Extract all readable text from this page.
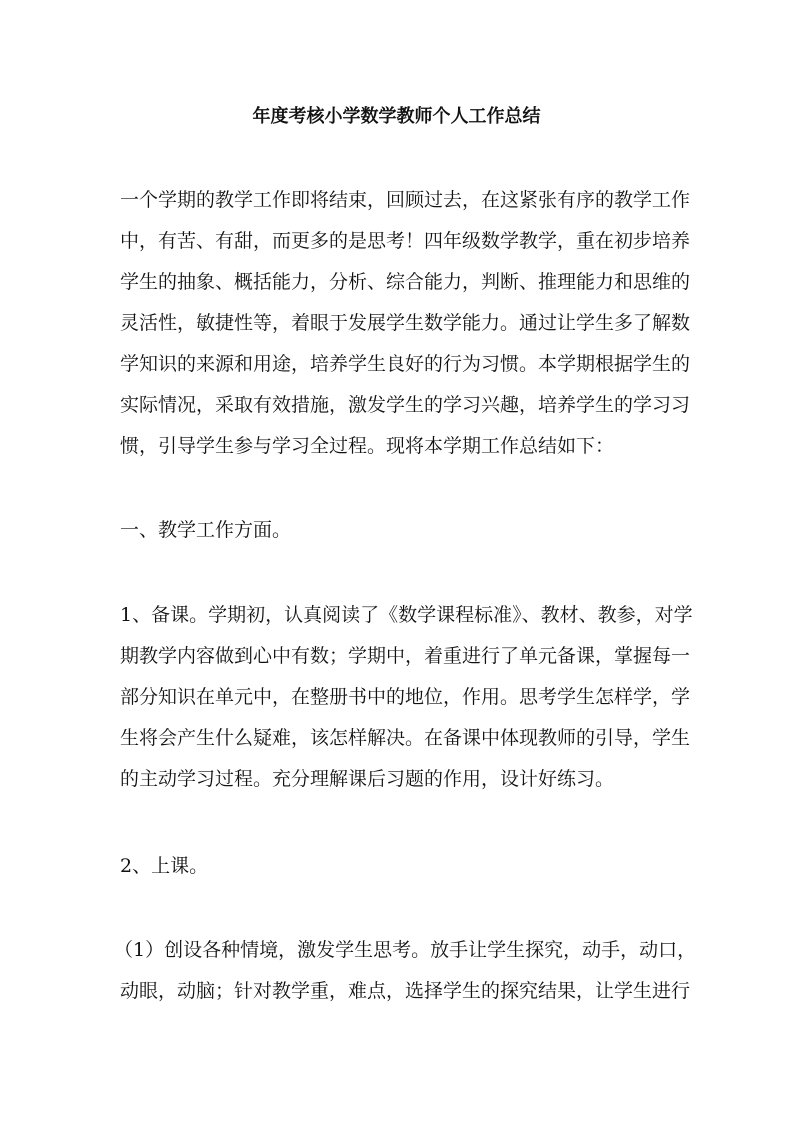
年度考核小学数学教师个人工作总结
一个学期的教学工作即将结束，回顾过去，在这紧张有序的教学工作
中，有苦、有甜，而更多的是思考！四年级数学教学，重在初步培养
学生的抽象、概括能力，分析、综合能力，判断、推理能力和思维的
灵活性，敏捷性等，着眼于发展学生数学能力。通过让学生多了解数
学知识的来源和用途，培养学生良好的行为习惯。本学期根据学生的
实际情况，采取有效措施，激发学生的学习兴趣，培养学生的学习习
惯，引导学生参与学习全过程。现将本学期工作总结如下：
一、教学工作方面。
1、备课。学期初，认真阅读了《数学课程标准》、教材、教参，对学
期教学内容做到心中有数；学期中，着重进行了单元备课，掌握每一
部分知识在单元中，在整册书中的地位，作用。思考学生怎样学，学
生将会产生什么疑难，该怎样解决。在备课中体现教师的引导，学生
的主动学习过程。充分理解课后习题的作用，设计好练习。
2、上课。
（1）创设各种情境，激发学生思考。放手让学生探究，动手，动口，
动眼，动脑；针对教学重，难点，选择学生的探究结果，让学生进行
